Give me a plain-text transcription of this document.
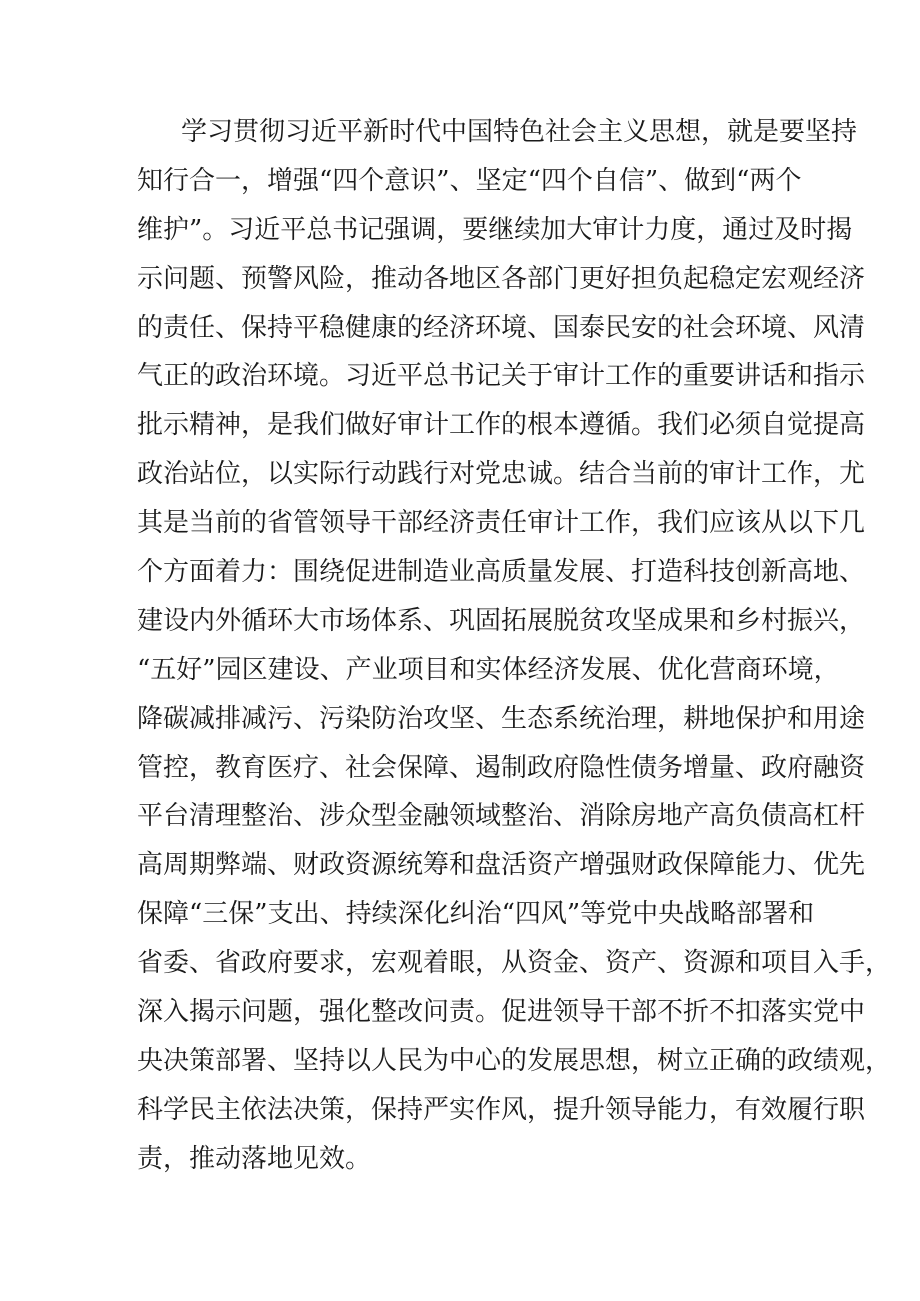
学习贯彻习近平新时代中国特色社会主义思想，就是要坚持
知行合一，增强“四个意识”、坚定“四个自信”、做到“两个
维护”。习近平总书记强调，要继续加大审计力度，通过及时揭
示问题、预警风险，推动各地区各部门更好担负起稳定宏观经济
的责任、保持平稳健康的经济环境、国泰民安的社会环境、风清
气正的政治环境。习近平总书记关于审计工作的重要讲话和指示
批示精神，是我们做好审计工作的根本遵循。我们必须自觉提高
政治站位，以实际行动践行对党忠诚。结合当前的审计工作，尤
其是当前的省管领导干部经济责任审计工作，我们应该从以下几
个方面着力：围绕促进制造业高质量发展、打造科技创新高地、
建设内外循环大市场体系、巩固拓展脱贫攻坚成果和乡村振兴，
“五好”园区建设、产业项目和实体经济发展、优化营商环境，
降碳减排减污、污染防治攻坚、生态系统治理，耕地保护和用途
管控，教育医疗、社会保障、遏制政府隐性债务增量、政府融资
平台清理整治、涉众型金融领域整治、消除房地产高负债高杠杆
高周期弊端、财政资源统筹和盘活资产增强财政保障能力、优先
保障“三保”支出、持续深化纠治“四风”等党中央战略部署和
省委、省政府要求，宏观着眼，从资金、资产、资源和项目入手，
深入揭示问题，强化整改问责。促进领导干部不折不扣落实党中
央决策部署、坚持以人民为中心的发展思想，树立正确的政绩观，
科学民主依法决策，保持严实作风，提升领导能力，有效履行职
责，推动落地见效。
